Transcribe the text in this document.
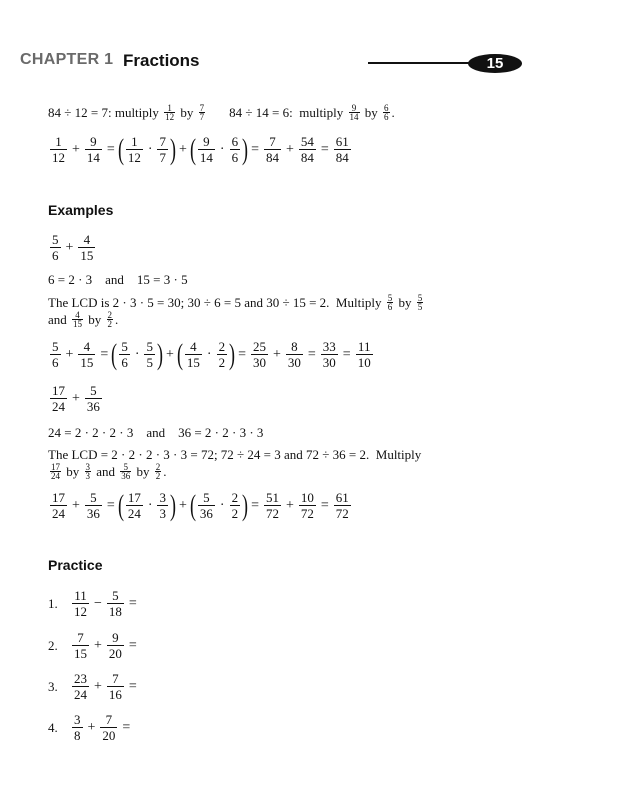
CHAPTER 1 Fractions	15
84 ÷ 12 = 7: multiply $\frac{1}{12}$ by $\frac{7}{7} 84 \div 14 = 6$:  multiply $\frac{9}{14}$ by $\frac{6}{6}$ .
$\frac{1}{12} + \frac{9}{14}$ = ( $\frac{1}{12} \cdot \frac{7}{7}$ ) + ( $\frac{9}{14} \cdot \frac{6}{6}$ ) = $\frac{7}{84} + \frac{54}{84} = \frac{61}{84}$
Examples
$\frac{5}{6} + \frac{4}{15}$
6 = 2 · 3    and    15 = 3 · 5
The LCD is 2 · 3 · 5 = 30; 30 ÷ 6 = 5 and 30 ÷ 15 = 2.  Multiply $\frac{5}{6}$ by $\frac{5}{5}$
and $\frac{4}{15}$ by $\frac{2}{2}$ .
$\frac{5}{6} + \frac{4}{15}$ = ( $\frac{5}{6} \cdot \frac{5}{5}$ ) + ( $\frac{4}{15} \cdot \frac{2}{2}$ ) = $\frac{25}{30} + \frac{8}{30} = \frac{33}{30} = \frac{11}{10}$
$\frac{17}{24} + \frac{5}{36}$
24 = 2 · 2 · 2 · 3    and    36 = 2 · 2 · 3 · 3
The LCD = 2 · 2 · 2 · 3 · 3 = 72; 72 ÷ 24 = 3 and 72 ÷ 36 = 2.  Multiply
$\frac{17}{24}$ by $\frac{3}{3}$ and $\frac{5}{36}$ by $\frac{2}{2}$ .
$\frac{17}{24} + \frac{5}{36}$ = ( $\frac{17}{24} \cdot \frac{3}{3}$ ) + ( $\frac{5}{36} \cdot \frac{2}{2}$ ) = $\frac{51}{72} + \frac{10}{72} = \frac{61}{72}$
Practice
1.	$\frac{11}{12} - \frac{5}{18}$ =
2.	$\frac{7}{15} + \frac{9}{20}$ =
3.	$\frac{23}{24} + \frac{7}{16}$ =
4.	$\frac{3}{8} + \frac{7}{20}$ =
